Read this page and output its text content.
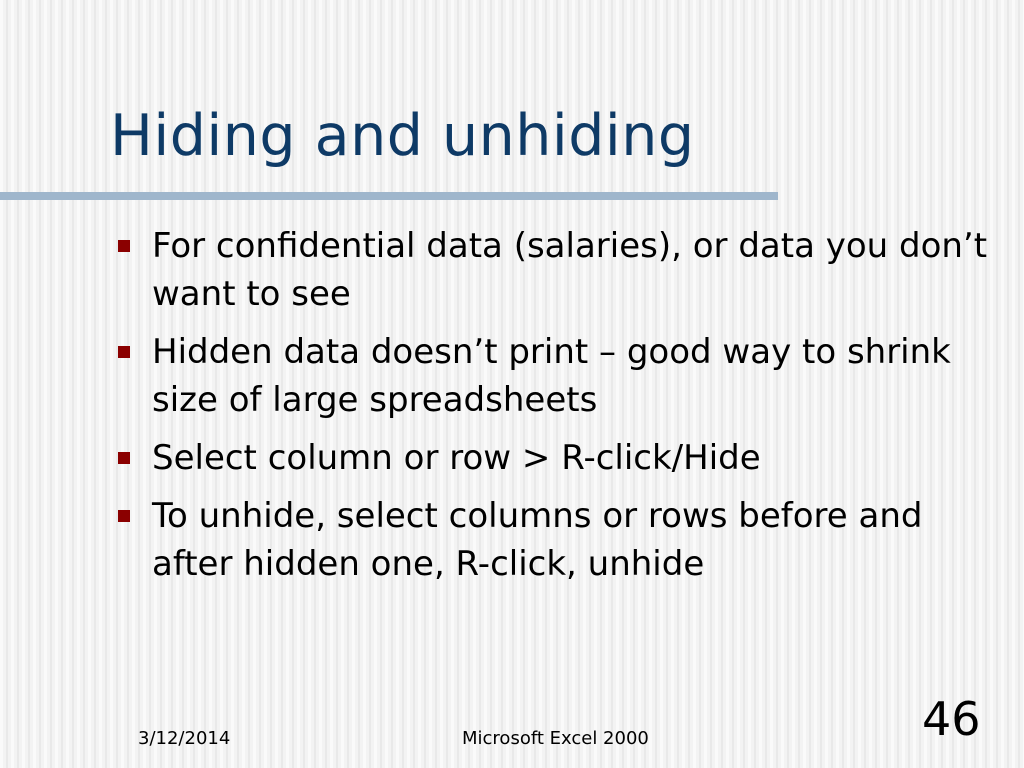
Hiding and unhiding
For confidential data (salaries), or data you don’t want to see
Hidden data doesn’t print – good way to shrink size of large spreadsheets
Select column or row > R-click/Hide
To unhide, select columns or rows before and after hidden one, R-click, unhide
3/12/2014	Microsoft Excel 2000	46
